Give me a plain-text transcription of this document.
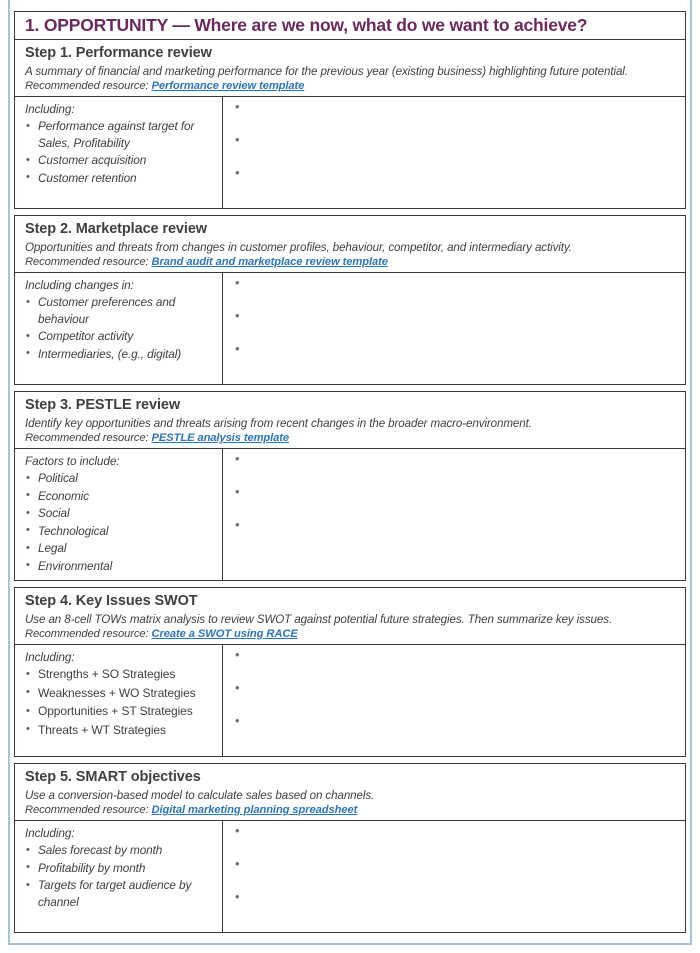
1. OPPORTUNITY — Where are we now, what do we want to achieve?
Step 1. Performance review
A summary of financial and marketing performance for the previous year (existing business) highlighting future potential.
Recommended resource: Performance review template
Including:
• Performance against target for Sales, Profitability
• Customer acquisition
• Customer retention
•
•
•
Step 2. Marketplace review
Opportunities and threats from changes in customer profiles, behaviour, competitor, and intermediary activity.
Recommended resource: Brand audit and marketplace review template
Including changes in:
• Customer preferences and behaviour
• Competitor activity
• Intermediaries, (e.g., digital)
•
•
•
Step 3. PESTLE review
Identify key opportunities and threats arising from recent changes in the broader macro-environment.
Recommended resource: PESTLE analysis template
Factors to include:
• Political
• Economic
• Social
• Technological
• Legal
• Environmental
•
•
•
Step 4. Key Issues SWOT
Use an 8-cell TOWs matrix analysis to review SWOT against potential future strategies. Then summarize key issues.
Recommended resource: Create a SWOT using RACE
Including:
• Strengths + SO Strategies
• Weaknesses + WO Strategies
• Opportunities + ST Strategies
• Threats + WT Strategies
•
•
•
Step 5. SMART objectives
Use a conversion-based model to calculate sales based on channels.
Recommended resource: Digital marketing planning spreadsheet
Including:
• Sales forecast by month
• Profitability by month
• Targets for target audience by channel
•
•
•
